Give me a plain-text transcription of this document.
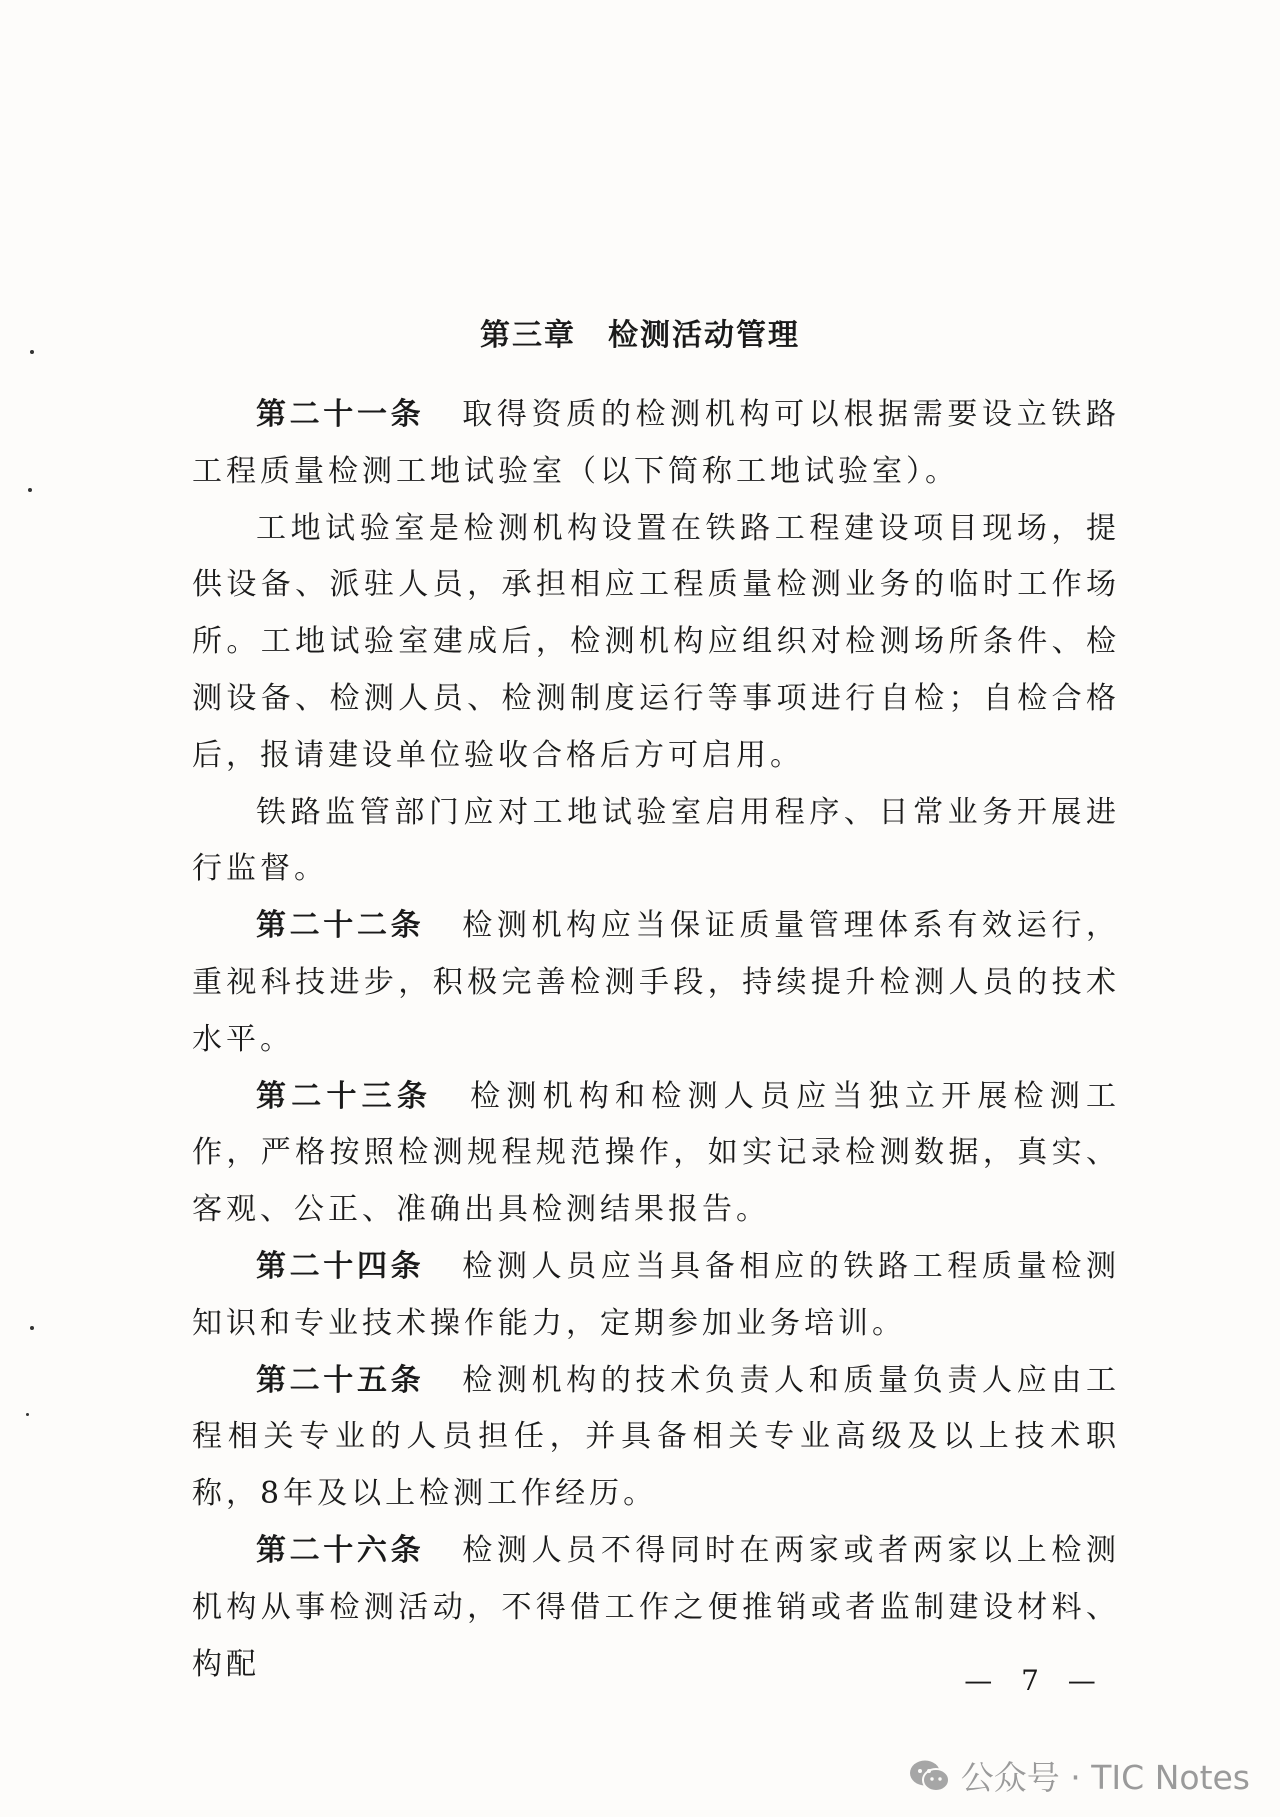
第三章　检测活动管理

第二十一条 取得资质的检测机构可以根据需要设立铁路工程质量检测工地试验室（以下简称工地试验室）。

工地试验室是检测机构设置在铁路工程建设项目现场，提供设备、派驻人员，承担相应工程质量检测业务的临时工作场所。工地试验室建成后，检测机构应组织对检测场所条件、检测设备、检测人员、检测制度运行等事项进行自检；自检合格后，报请建设单位验收合格后方可启用。

铁路监管部门应对工地试验室启用程序、日常业务开展进行监督。

第二十二条 检测机构应当保证质量管理体系有效运行，重视科技进步，积极完善检测手段，持续提升检测人员的技术水平。

第二十三条 检测机构和检测人员应当独立开展检测工作，严格按照检测规程规范操作，如实记录检测数据，真实、客观、公正、准确出具检测结果报告。

第二十四条 检测人员应当具备相应的铁路工程质量检测知识和专业技术操作能力，定期参加业务培训。

第二十五条 检测机构的技术负责人和质量负责人应由工程相关专业的人员担任，并具备相关专业高级及以上技术职称，8年及以上检测工作经历。

第二十六条 检测人员不得同时在两家或者两家以上检测机构从事检测活动，不得借工作之便推销或者监制建设材料、构配	— 7 —
公众号 · TIC Notes
